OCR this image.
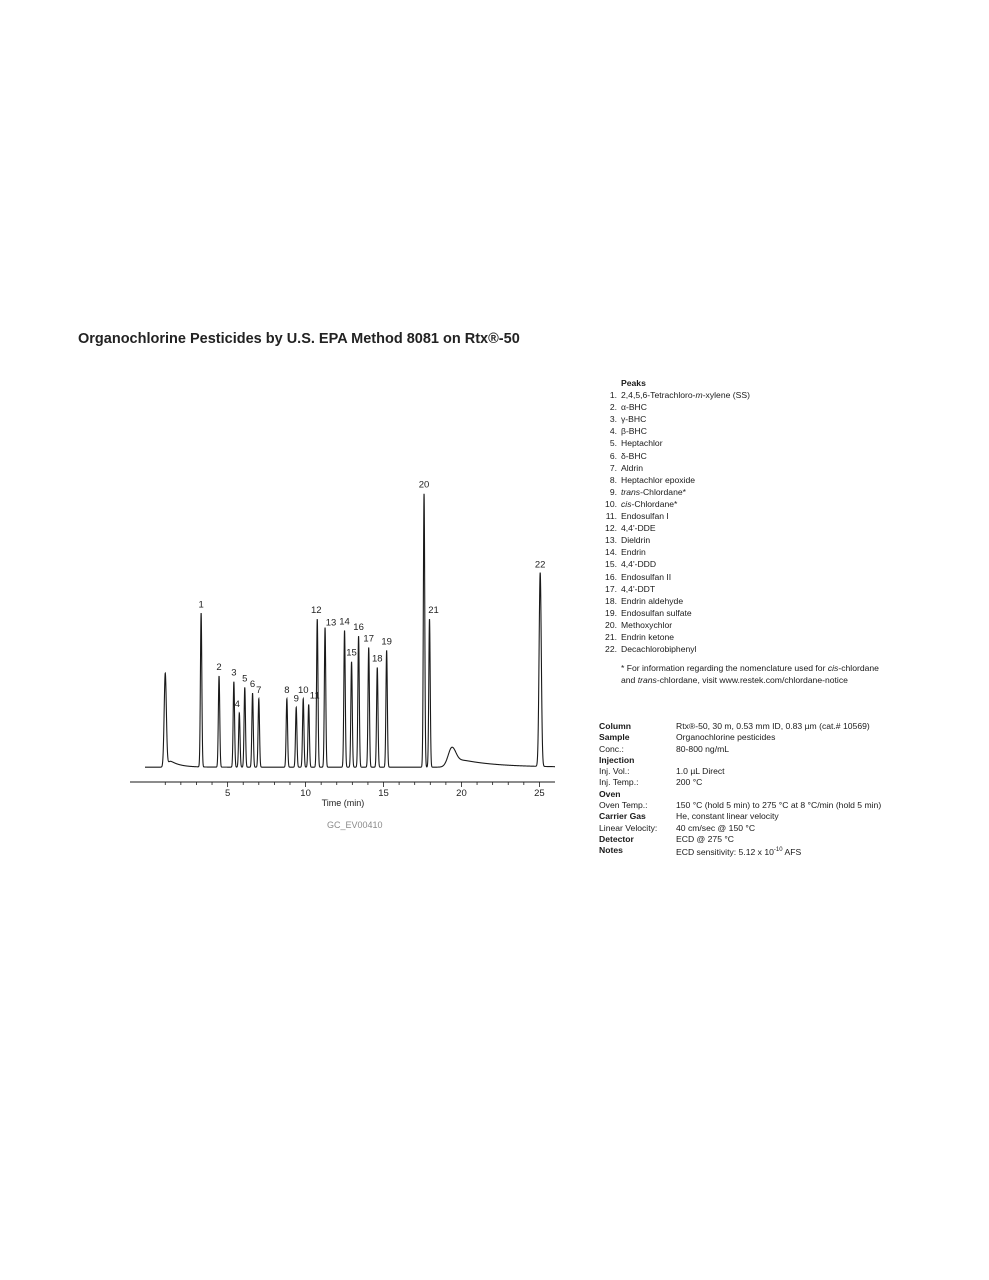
Organochlorine Pesticides by U.S. EPA Method 8081 on Rtx®-50
5	10	15	20	25
1
2
3
4
5
6
7 8
9
10
11
12
13 14
15
16
17
18
19
20
21
22
Time (min)
GC_EV00410
Peaks
1. 2,4,5,6-Tetrachloro-m-xylene (SS)
2. α-BHC
3. γ-BHC
4. β-BHC
5. Heptachlor
6. δ-BHC
7. Aldrin
8. Heptachlor epoxide
9. trans-Chlordane*
10. cis-Chlordane*
11. Endosulfan I
12. 4,4'-DDE
13. Dieldrin
14. Endrin
15. 4,4'-DDD
16. Endosulfan II
17. 4,4'-DDT
18. Endrin aldehyde
19. Endosulfan sulfate
20. Methoxychlor
21. Endrin ketone
22. Decachlorobiphenyl
* For information regarding the nomenclature used for cis-chlordane
and trans-chlordane, visit www.restek.com/chlordane-notice
Column	Rtx®-50, 30 m, 0.53 mm ID, 0.83 µm (cat.# 10569)
Sample	Organochlorine pesticides
Conc.:	80-800 ng/mL
Injection
Inj. Vol.:	1.0 µL Direct
Inj. Temp.:	200 °C
Oven
Oven Temp.:	150 °C (hold 5 min) to 275 °C at 8 °C/min (hold 5 min)
Carrier Gas	He, constant linear velocity
Linear Velocity:	40 cm/sec @ 150 °C
Detector	ECD @ 275 °C
Notes	ECD sensitivity: 5.12 x $10^{-10}$ AFS
